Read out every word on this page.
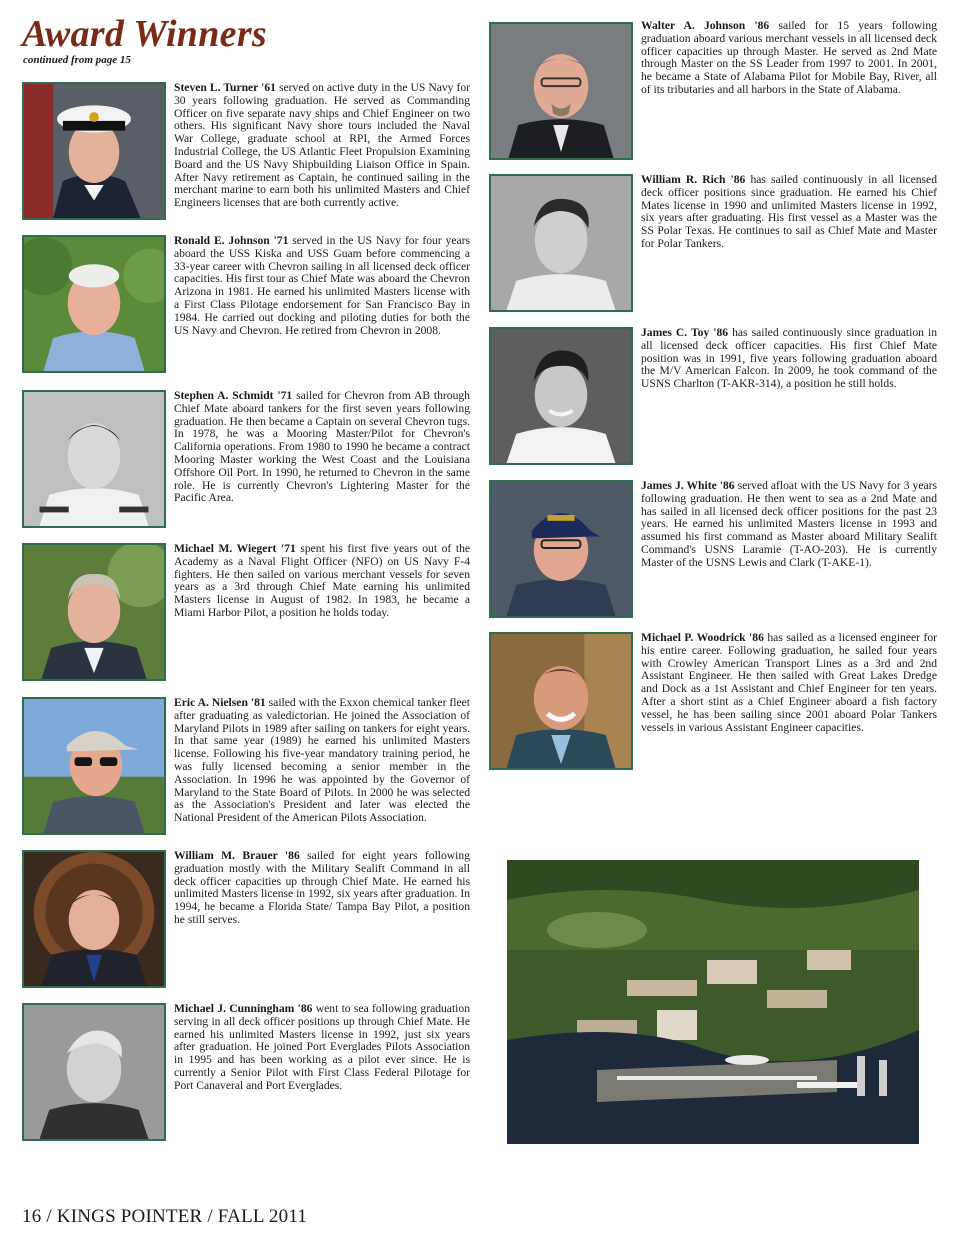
Award Winners
continued from page 15

Steven L. Turner '61 served on active duty in the US Navy for 30 years following graduation. He served as Commanding Officer on five separate navy ships and Chief Engineer on two others. His significant Navy shore tours included the Naval War College, graduate school at RPI, the Armed Forces Industrial College, the US Atlantic Fleet Propulsion Examining Board and the US Navy Shipbuilding Liaison Office in Spain. After Navy retirement as Captain, he continued sailing in the merchant marine to earn both his unlimited Masters and Chief Engineers licenses that are both currently active.

Ronald E. Johnson '71 served in the US Navy for four years aboard the USS Kiska and USS Guam before commencing a 33-year career with Chevron sailing in all licensed deck officer capacities. His first tour as Chief Mate was aboard the Chevron Arizona in 1981. He earned his unlimited Masters license with a First Class Pilotage endorsement for San Francisco Bay in 1984. He carried out docking and piloting duties for both the US Navy and Chevron. He retired from Chevron in 2008.

Stephen A. Schmidt '71 sailed for Chevron from AB through Chief Mate aboard tankers for the first seven years following graduation. He then became a Captain on several Chevron tugs. In 1978, he was a Mooring Master/Pilot for Chevron's California operations. From 1980 to 1990 he became a contract Mooring Master working the West Coast and the Louisiana Offshore Oil Port. In 1990, he returned to Chevron in the same role. He is currently Chevron's Lightering Master for the Pacific Area.

Michael M. Wiegert '71 spent his first five years out of the Academy as a Naval Flight Officer (NFO) on US Navy F-4 fighters. He then sailed on various merchant vessels for seven years as a 3rd through Chief Mate earning his unlimited Masters license in August of 1982. In 1983, he became a Miami Harbor Pilot, a position he holds today.

Eric A. Nielsen '81 sailed with the Exxon chemical tanker fleet after graduating as valedictorian. He joined the Association of Maryland Pilots in 1989 after sailing on tankers for eight years. In that same year (1989) he earned his unlimited Masters license. Following his five-year mandatory training period, he was fully licensed becoming a senior member in the Association. In 1996 he was appointed by the Governor of Maryland to the State Board of Pilots. In 2000 he was selected as the Association's President and later was elected the National President of the American Pilots Association.

William M. Brauer '86 sailed for eight years following graduation mostly with the Military Sealift Command in all deck officer capacities up through Chief Mate. He earned his unlimited Masters license in 1992, six years after graduation. In 1994, he became a Florida State/ Tampa Bay Pilot, a position he still serves.

Michael J. Cunningham '86 went to sea following graduation serving in all deck officer positions up through Chief Mate. He earned his unlimited Masters license in 1992, just six years after graduation. He joined Port Everglades Pilots Association in 1995 and has been working as a pilot ever since. He is currently a Senior Pilot with First Class Federal Pilotage for Port Canaveral and Port Everglades.

Walter A. Johnson '86 sailed for 15 years following graduation aboard various merchant vessels in all licensed deck officer capacities up through Master. He served as 2nd Mate through Master on the SS Leader from 1997 to 2001. In 2001, he became a State of Alabama Pilot for Mobile Bay, River, all of its tributaries and all harbors in the State of Alabama.

William R. Rich '86 has sailed continuously in all licensed deck officer positions since graduation. He earned his Chief Mates license in 1990 and unlimited Masters license in 1992, six years after graduating. His first vessel as a Master was the SS Polar Texas. He continues to sail as Chief Mate and Master for Polar Tankers.

James C. Toy '86 has sailed continuously since graduation in all licensed deck officer capacities. His first Chief Mate position was in 1991, five years following graduation aboard the M/V American Falcon. In 2009, he took command of the USNS Charlton (T-AKR-314), a position he still holds.

James J. White '86 served afloat with the US Navy for 3 years following graduation. He then went to sea as a 2nd Mate and has sailed in all licensed deck officer positions for the past 23 years. He earned his unlimited Masters license in 1993 and assumed his first command as Master aboard Military Sealift Command's USNS Laramie (T-AO-203). He is currently Master of the USNS Lewis and Clark (T-AKE-1).

Michael P. Woodrick '86 has sailed as a licensed engineer for his entire career. Following graduation, he sailed four years with Crowley American Transport Lines as a 3rd and 2nd Assistant Engineer. He then sailed with Great Lakes Dredge and Dock as a 1st Assistant and Chief Engineer for ten years. After a short stint as a Chief Engineer aboard a fish factory vessel, he has been sailing since 2001 aboard Polar Tankers vessels in various Assistant Engineer capacities.

16 / KINGS POINTER / FALL 2011
